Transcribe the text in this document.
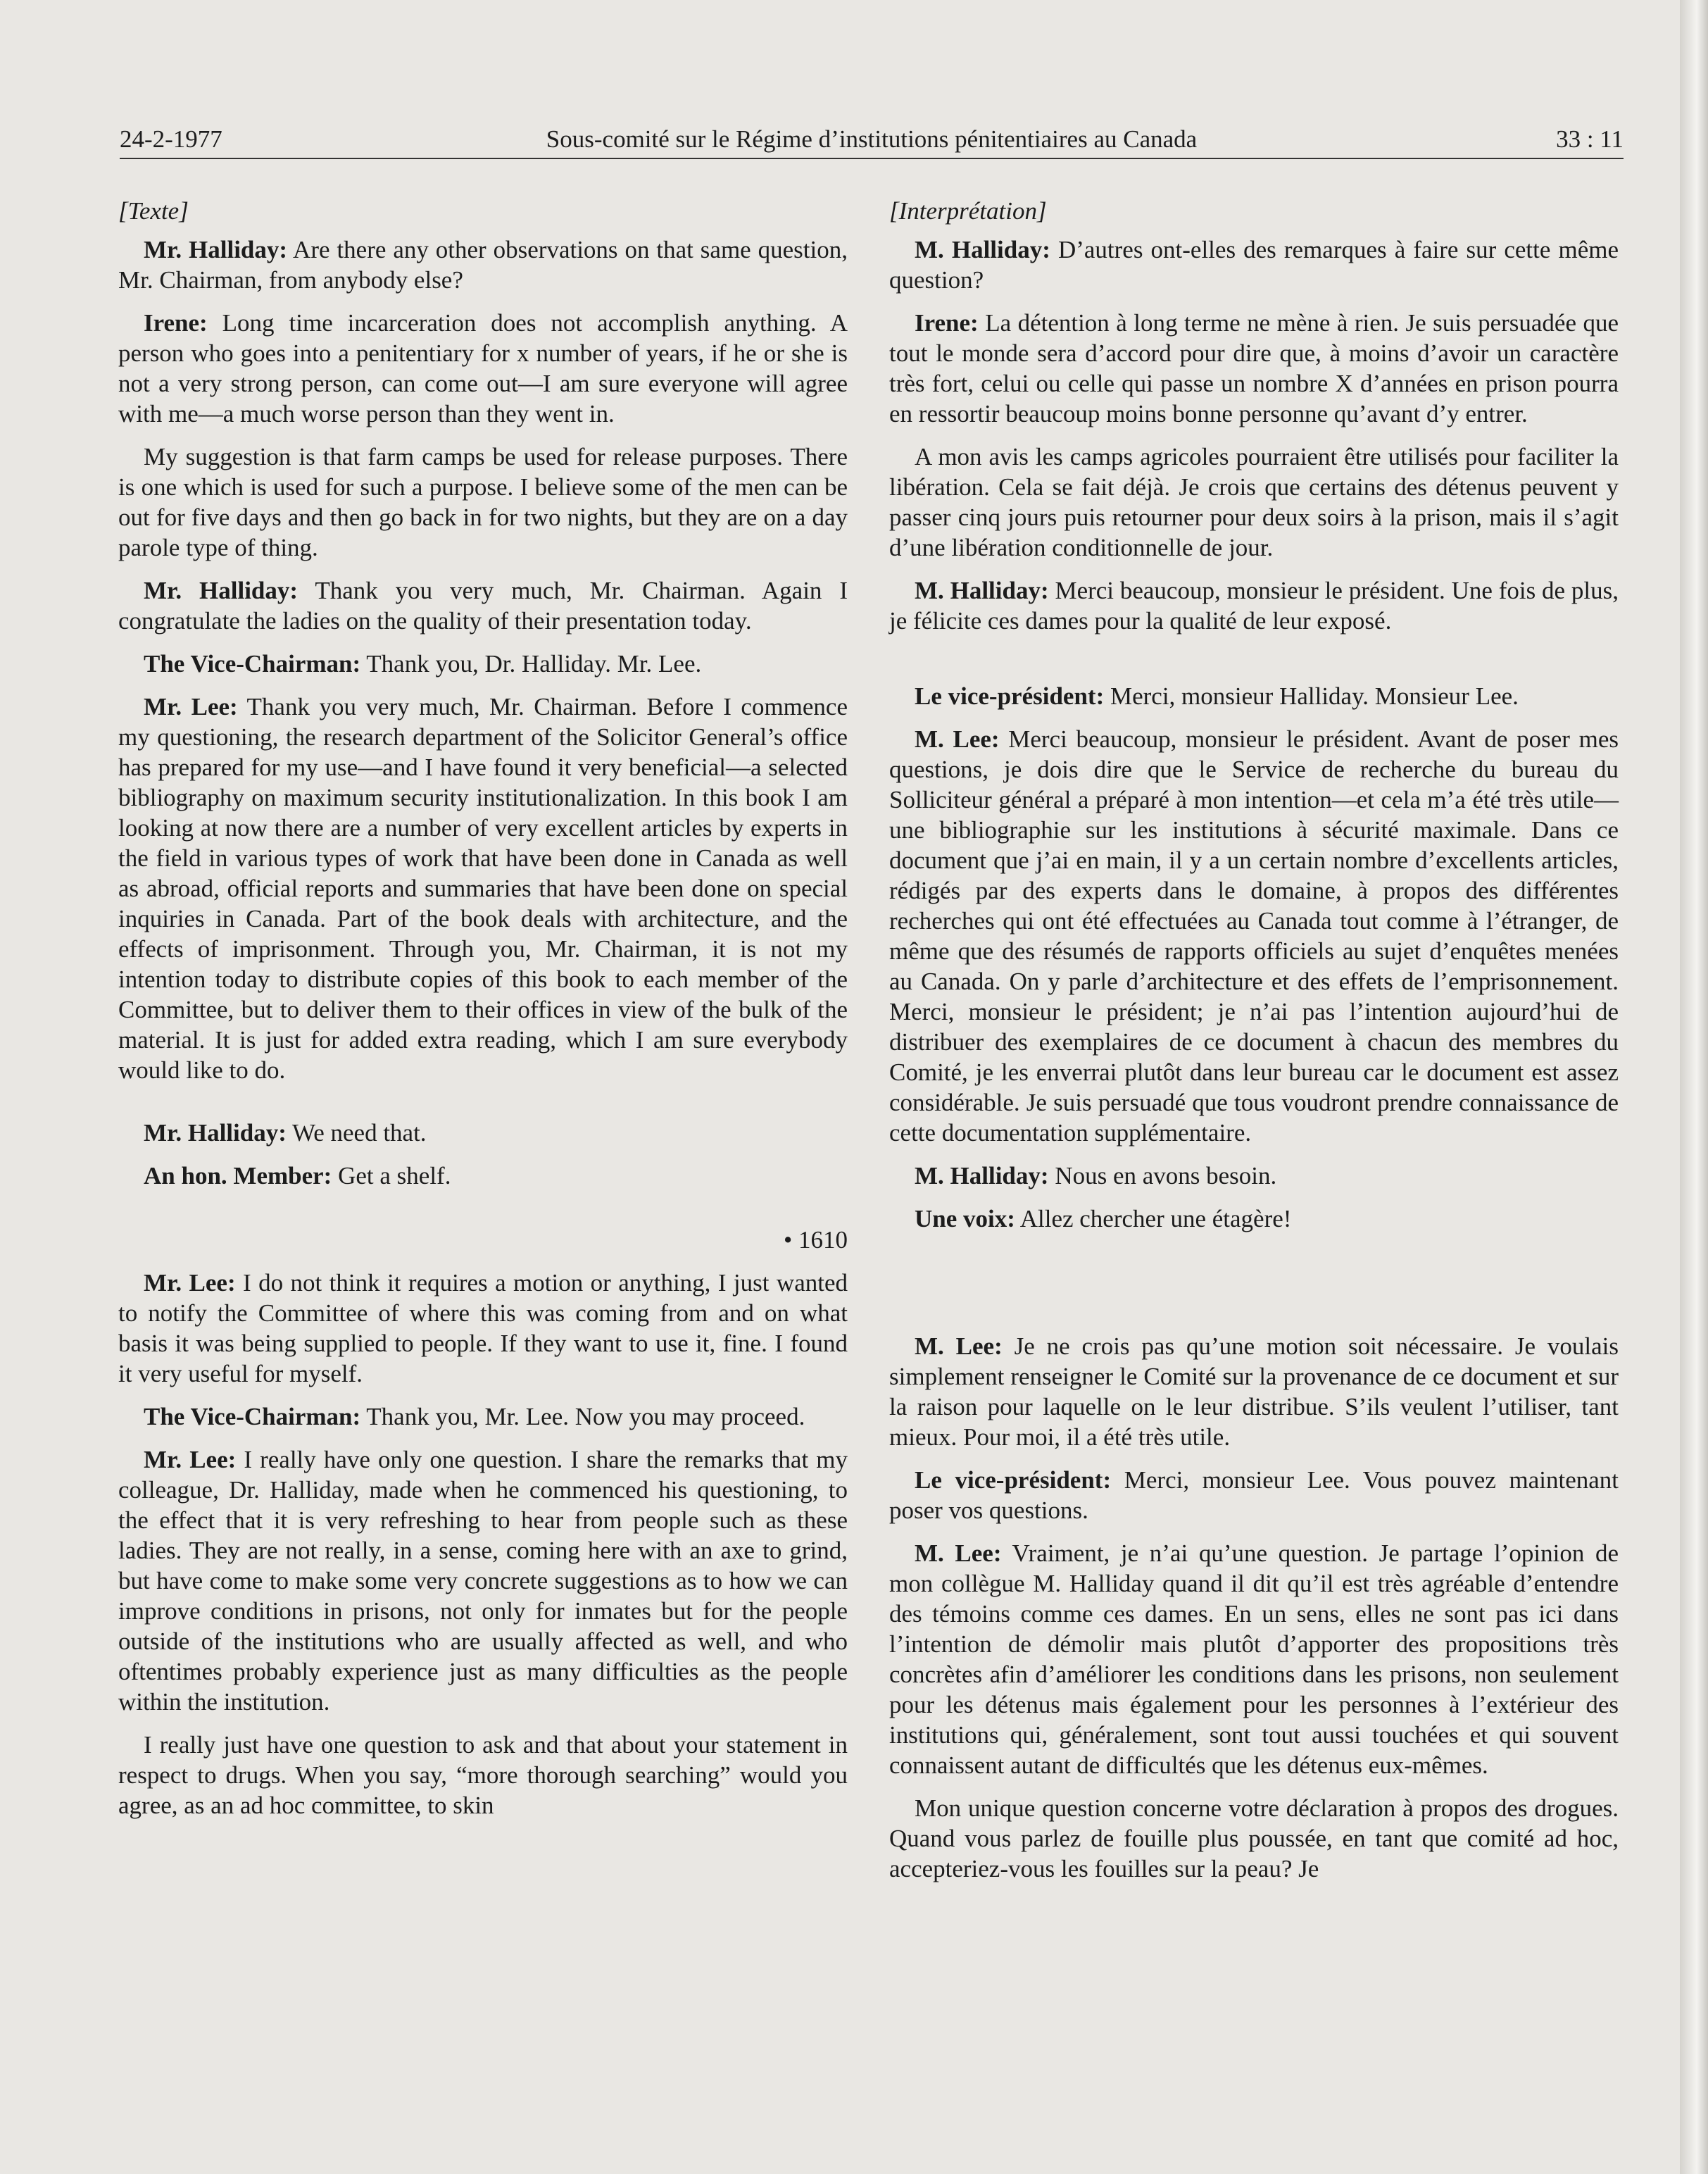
24-2-1977	Sous-comité sur le Régime d’institutions pénitentiaires au Canada	33 : 11

[Texte]

Mr. Halliday: Are there any other observations on that same question, Mr. Chairman, from anybody else?

Irene: Long time incarceration does not accomplish anything. A person who goes into a penitentiary for x number of years, if he or she is not a very strong person, can come out—I am sure everyone will agree with me—a much worse person than they went in.

My suggestion is that farm camps be used for release purposes. There is one which is used for such a purpose. I believe some of the men can be out for five days and then go back in for two nights, but they are on a day parole type of thing.

Mr. Halliday: Thank you very much, Mr. Chairman. Again I congratulate the ladies on the quality of their presentation today.

The Vice-Chairman: Thank you, Dr. Halliday. Mr. Lee.

Mr. Lee: Thank you very much, Mr. Chairman. Before I commence my questioning, the research department of the Solicitor General’s office has prepared for my use—and I have found it very beneficial—a selected bibliography on maximum security institutionalization. In this book I am looking at now there are a number of very excellent articles by experts in the field in various types of work that have been done in Canada as well as abroad, official reports and summaries that have been done on special inquiries in Canada. Part of the book deals with architecture, and the effects of imprisonment. Through you, Mr. Chairman, it is not my intention today to distribute copies of this book to each member of the Committee, but to deliver them to their offices in view of the bulk of the material. It is just for added extra reading, which I am sure everybody would like to do.

Mr. Halliday: We need that.

An hon. Member: Get a shelf.

• 1610

Mr. Lee: I do not think it requires a motion or anything, I just wanted to notify the Committee of where this was coming from and on what basis it was being supplied to people. If they want to use it, fine. I found it very useful for myself.

The Vice-Chairman: Thank you, Mr. Lee. Now you may proceed.

Mr. Lee: I really have only one question. I share the remarks that my colleague, Dr. Halliday, made when he commenced his questioning, to the effect that it is very refreshing to hear from people such as these ladies. They are not really, in a sense, coming here with an axe to grind, but have come to make some very concrete suggestions as to how we can improve conditions in prisons, not only for inmates but for the people outside of the institutions who are usually affected as well, and who oftentimes probably experience just as many difficulties as the people within the institution.

I really just have one question to ask and that about your statement in respect to drugs. When you say, “more thorough searching” would you agree, as an ad hoc committee, to skin

[Interprétation]

M. Halliday: D’autres ont-elles des remarques à faire sur cette même question?

Irene: La détention à long terme ne mène à rien. Je suis persuadée que tout le monde sera d’accord pour dire que, à moins d’avoir un caractère très fort, celui ou celle qui passe un nombre X d’années en prison pourra en ressortir beaucoup moins bonne personne qu’avant d’y entrer.

A mon avis les camps agricoles pourraient être utilisés pour faciliter la libération. Cela se fait déjà. Je crois que certains des détenus peuvent y passer cinq jours puis retourner pour deux soirs à la prison, mais il s’agit d’une libération conditionnelle de jour.

M. Halliday: Merci beaucoup, monsieur le président. Une fois de plus, je félicite ces dames pour la qualité de leur exposé.

Le vice-président: Merci, monsieur Halliday. Monsieur Lee.

M. Lee: Merci beaucoup, monsieur le président. Avant de poser mes questions, je dois dire que le Service de recherche du bureau du Solliciteur général a préparé à mon intention—et cela m’a été très utile—une bibliographie sur les institutions à sécurité maximale. Dans ce document que j’ai en main, il y a un certain nombre d’excellents articles, rédigés par des experts dans le domaine, à propos des différentes recherches qui ont été effectuées au Canada tout comme à l’étranger, de même que des résumés de rapports officiels au sujet d’enquêtes menées au Canada. On y parle d’architecture et des effets de l’emprisonnement. Merci, monsieur le président; je n’ai pas l’intention aujourd’hui de distribuer des exemplaires de ce document à chacun des membres du Comité, je les enverrai plutôt dans leur bureau car le document est assez considérable. Je suis persuadé que tous voudront prendre connaissance de cette documentation supplémentaire.

M. Halliday: Nous en avons besoin.

Une voix: Allez chercher une étagère!

M. Lee: Je ne crois pas qu’une motion soit nécessaire. Je voulais simplement renseigner le Comité sur la provenance de ce document et sur la raison pour laquelle on le leur distribue. S’ils veulent l’utiliser, tant mieux. Pour moi, il a été très utile.

Le vice-président: Merci, monsieur Lee. Vous pouvez maintenant poser vos questions.

M. Lee: Vraiment, je n’ai qu’une question. Je partage l’opinion de mon collègue M. Halliday quand il dit qu’il est très agréable d’entendre des témoins comme ces dames. En un sens, elles ne sont pas ici dans l’intention de démolir mais plutôt d’apporter des propositions très concrètes afin d’améliorer les conditions dans les prisons, non seulement pour les détenus mais également pour les personnes à l’extérieur des institutions qui, généralement, sont tout aussi touchées et qui souvent connaissent autant de difficultés que les détenus eux-mêmes.

Mon unique question concerne votre déclaration à propos des drogues. Quand vous parlez de fouille plus poussée, en tant que comité ad hoc, accepteriez-vous les fouilles sur la peau? Je
